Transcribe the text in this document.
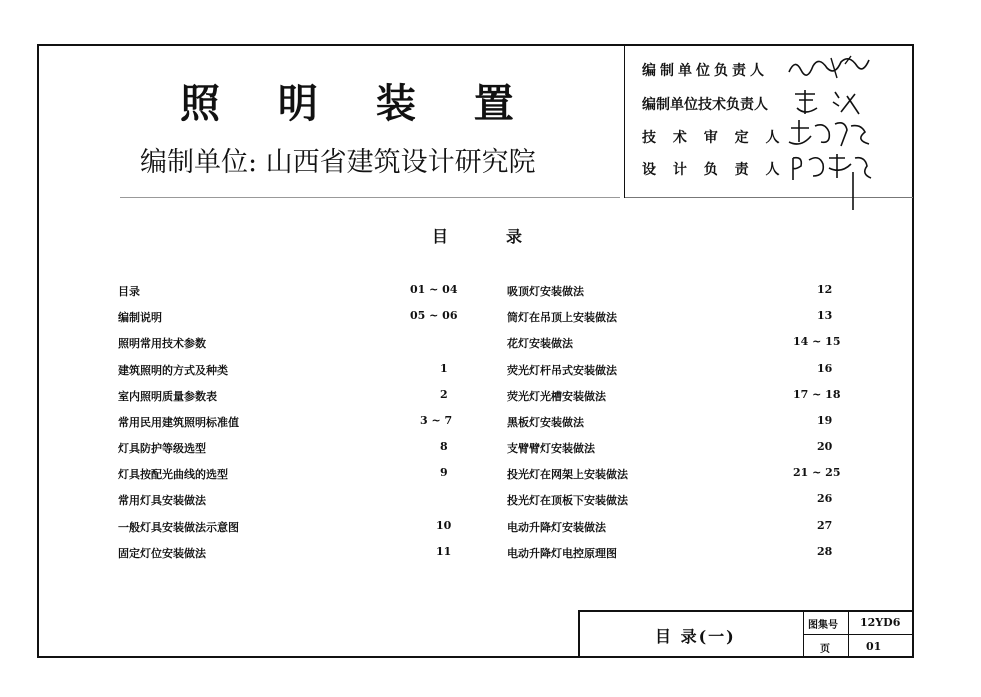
照 明 装 置
编制单位: 山西省建筑设计研究院
编制单位负责人
编制单位技术负责人
技 术 审 定 人
设 计 负 责 人
目	录
目录	01 ~ 04
编制说明	05 ~ 06
照明常用技术参数
建筑照明的方式及种类	1
室内照明质量参数表	2
常用民用建筑照明标准值	3 ~ 7
灯具防护等级选型	8
灯具按配光曲线的选型	9
常用灯具安装做法
一般灯具安装做法示意图	10
固定灯位安装做法	11
吸顶灯安装做法	12
筒灯在吊顶上安装做法	13
花灯安装做法	14 ~ 15
荧光灯杆吊式安装做法	16
荧光灯光槽安装做法	17 ~ 18
黑板灯安装做法	19
支臂臂灯安装做法	20
投光灯在网架上安装做法	21 ~ 25
投光灯在顶板下安装做法	26
电动升降灯安装做法	27
电动升降灯电控原理图	28
目 录(一)
图集号 12YD6
页	01
